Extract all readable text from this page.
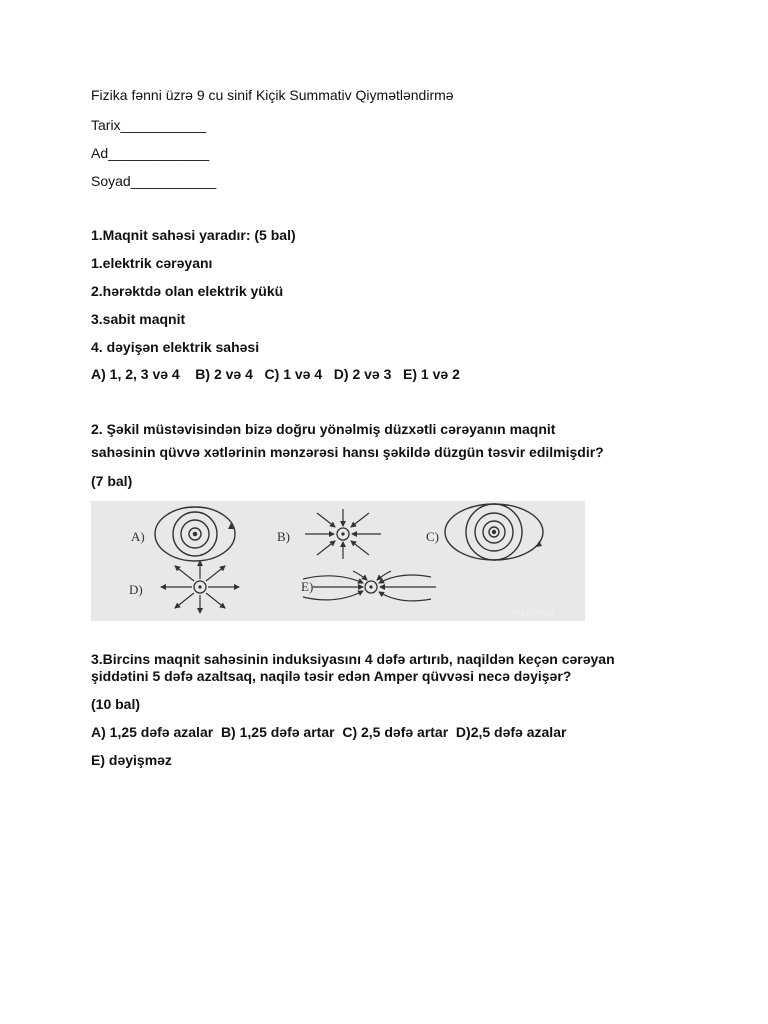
Fizika fənni üzrə 9 cu sinif Kiçik Summativ Qiymətləndirmə
Tarix___________
Ad_____________
Soyad___________
1.Maqnit sahəsi yaradır: (5 bal)
1.elektrik cərəyanı
2.hərəktdə olan elektrik yükü
3.sabit maqnit
4. dəyişən elektrik sahəsi
A) 1, 2, 3 və 4    B) 2 və 4   C) 1 və 4   D) 2 və 3   E) 1 və 2
2. Şəkil müstəvisindən bizə doğru yönəlmiş düzxətli cərəyanın maqnit
sahəsinin qüvvə xətlərinin mənzərəsi hansı şəkildə düzgün təsvir edilmişdir?
(7 bal)
A)	B)	C)
D)	E)
2021.12.7 10:13
3.Bircins maqnit sahəsinin induksiyasını 4 dəfə artırıb, naqildən keçən cərəyan
şiddətini 5 dəfə azaltsaq, naqilə təsir edən Amper qüvvəsi necə dəyişər?
(10 bal)
A) 1,25 dəfə azalar  B) 1,25 dəfə artar  C) 2,5 dəfə artar  D)2,5 dəfə azalar
E) dəyişməz
